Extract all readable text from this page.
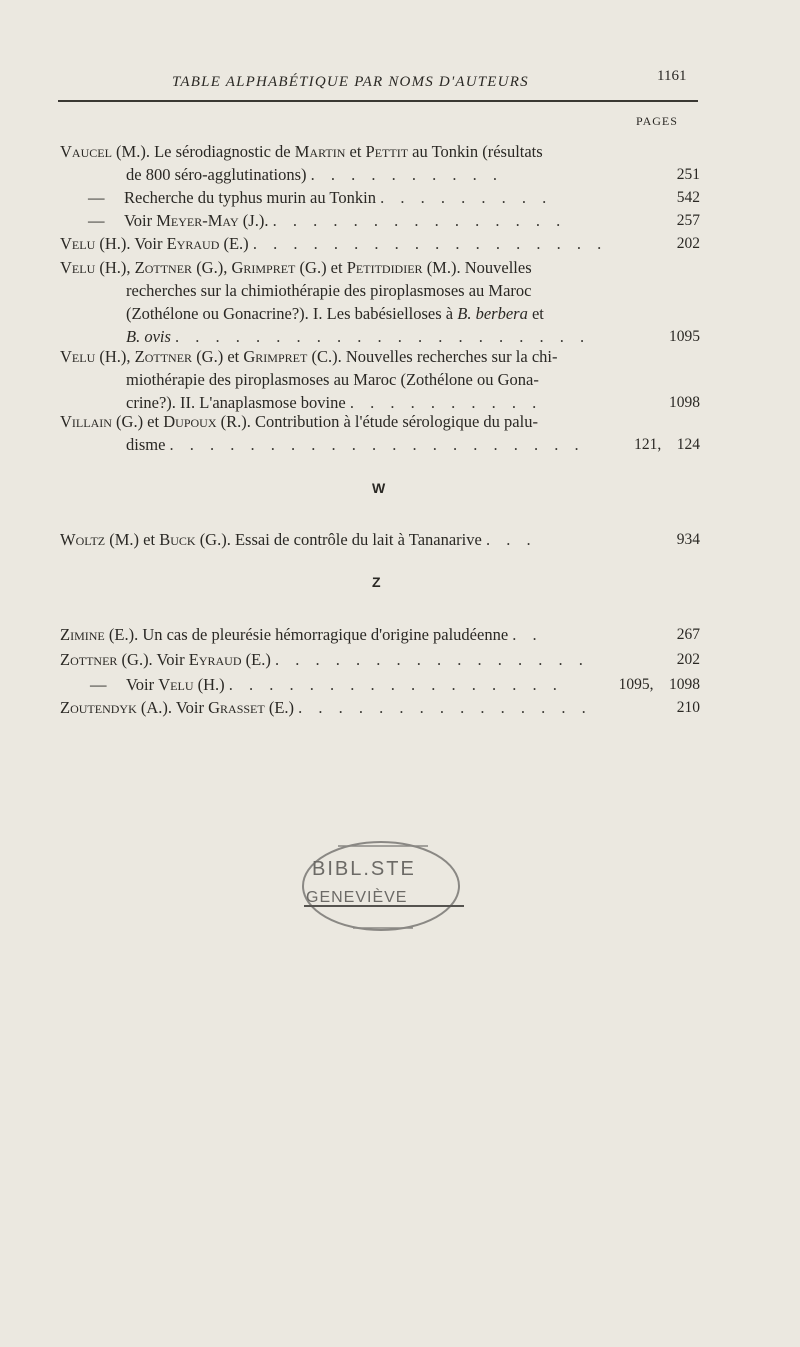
TABLE ALPHABÉTIQUE PAR NOMS D'AUTEURS	1161
PAGES
Vaucel (M.). Le sérodiagnostic de Martin et Pettit au Tonkin (résultats
de 800 séro-agglutinations) . . . . . . . . . .	251
— Recherche du typhus murin au Tonkin . . . . . . . . .	542
— Voir Meyer-May (J.). . . . . . . . . . . . . . . .	257
Velu (H.). Voir Eyraud (E.) . . . . . . . . . . . . . . . . . .	202
Velu (H.), Zottner (G.), Grimpret (G.) et Petitdidier (M.). Nouvelles
recherches sur la chimiothérapie des piroplasmoses au Maroc
(Zothélone ou Gonacrine?). I. Les babésielloses à B. berbera et
B. ovis . . . . . . . . . . . . . . . . . . . . .	1095
Velu (H.), Zottner (G.) et Grimpret (C.). Nouvelles recherches sur la chi-
miothérapie des piroplasmoses au Maroc (Zothélone ou Gona-
crine?). II. L'anaplasmose bovine . . . . . . . . . .	1098
Villain (G.) et Dupoux (R.). Contribution à l'étude sérologique du palu-
disme . . . . . . . . . . . . . . . . . . . . .	121,    124
W
Woltz (M.) et Buck (G.). Essai de contrôle du lait à Tananarive . . .	934
Z
Zimine (E.). Un cas de pleurésie hémorragique d'origine paludéenne . .	267
Zottner (G.). Voir Eyraud (E.) . . . . . . . . . . . . . . . .	202
— Voir Velu (H.) . . . . . . . . . . . . . . . . .	1095,    1098
Zoutendyk (A.). Voir Grasset (E.) . . . . . . . . . . . . . . .	210
BIBL.STE
GENEVIÈVE
